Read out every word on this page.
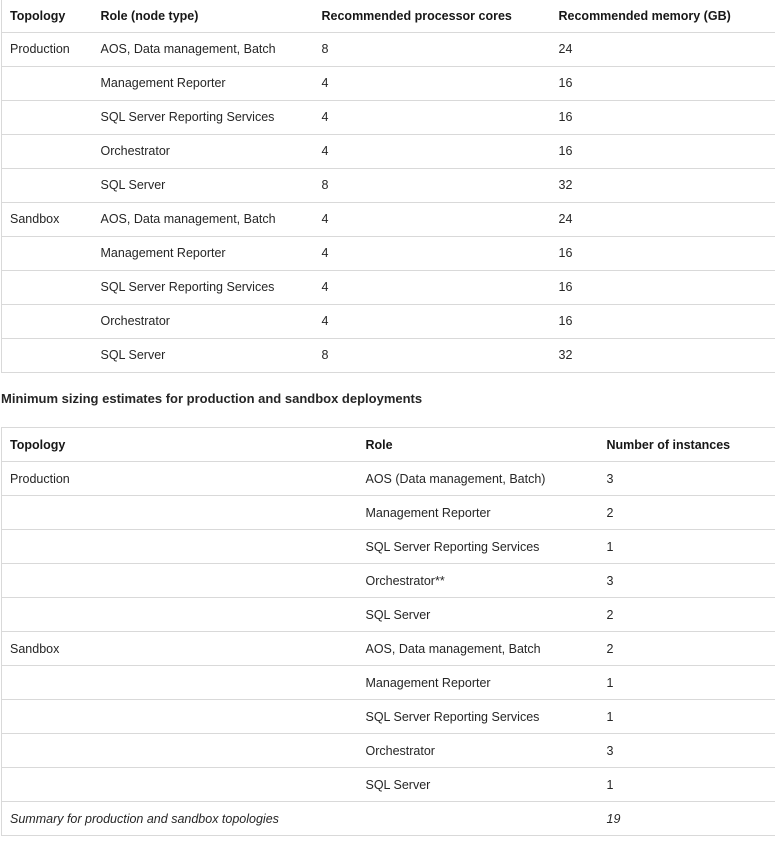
Topology	Role (node type)	Recommended processor cores	Recommended memory (GB)
Production	AOS, Data management, Batch	8	24
	Management Reporter	4	16
	SQL Server Reporting Services	4	16
	Orchestrator	4	16
	SQL Server	8	32
Sandbox	AOS, Data management, Batch	4	24
	Management Reporter	4	16
	SQL Server Reporting Services	4	16
	Orchestrator	4	16
	SQL Server	8	32
Minimum sizing estimates for production and sandbox deployments
Topology	Role	Number of instances
Production	AOS (Data management, Batch)	3
	Management Reporter	2
	SQL Server Reporting Services	1
	Orchestrator**	3
	SQL Server	2
Sandbox	AOS, Data management, Batch	2
	Management Reporter	1
	SQL Server Reporting Services	1
	Orchestrator	3
	SQL Server	1
Summary for production and sandbox topologies		19
